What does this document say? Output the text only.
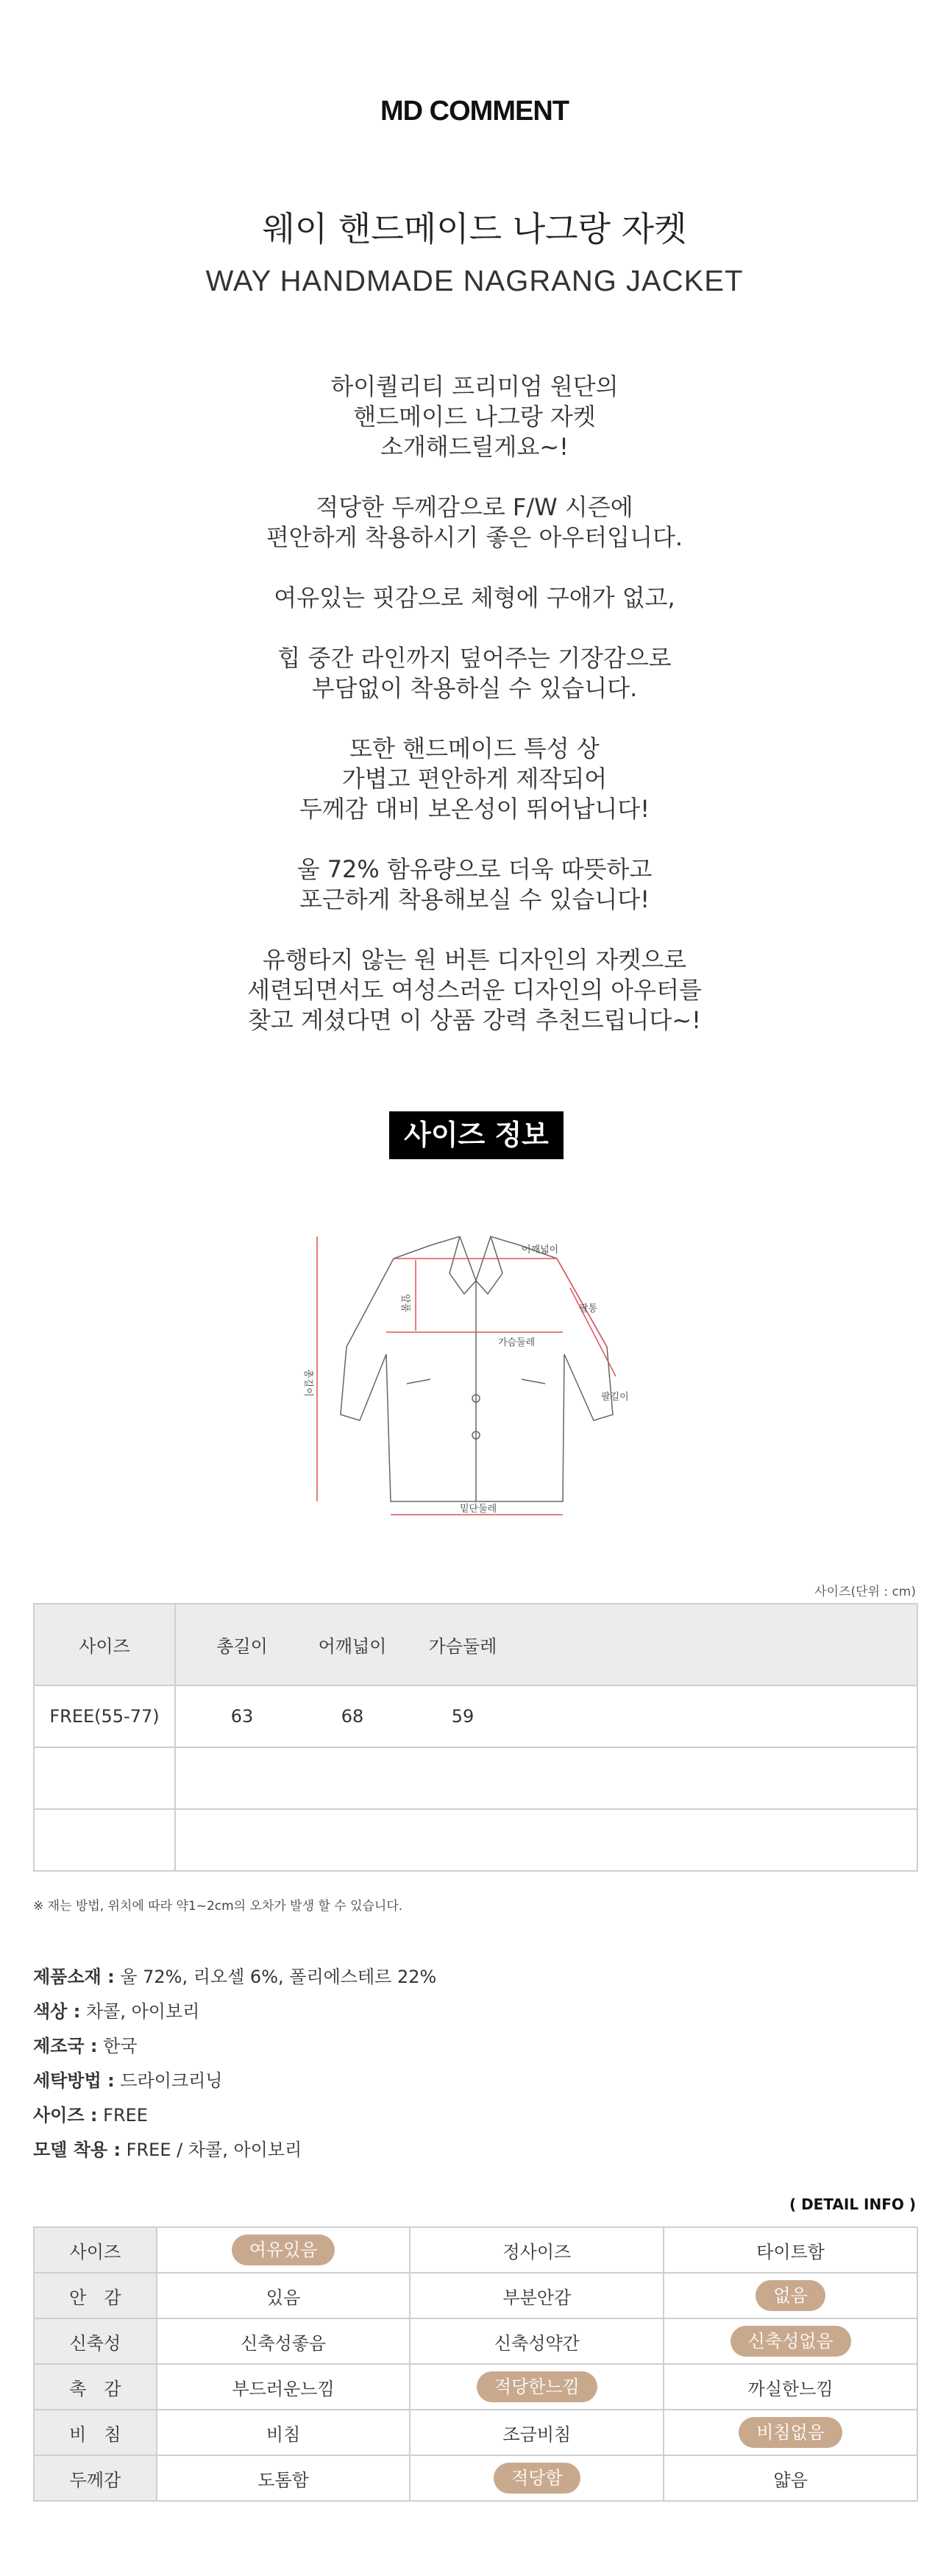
MD COMMENT
웨이 핸드메이드 나그랑 자켓
WAY HANDMADE NAGRANG JACKET

하이퀄리티 프리미엄 원단의
핸드메이드 나그랑 자켓
소개해드릴게요~!

적당한 두께감으로 F/W 시즌에
편안하게 착용하시기 좋은 아우터입니다.

여유있는 핏감으로 체형에 구애가 없고,

힙 중간 라인까지 덮어주는 기장감으로
부담없이 착용하실 수 있습니다.

또한 핸드메이드 특성 상
가볍고 편안하게 제작되어
두께감 대비 보온성이 뛰어납니다!

울 72% 함유량으로 더욱 따뜻하고
포근하게 착용해보실 수 있습니다!

유행타지 않는 원 버튼 디자인의 자켓으로
세련되면서도 여성스러운 디자인의 아우터를
찾고 계셨다면 이 상품 강력 추천드립니다~!

사이즈 정보
어깨넓이
팔통
총길이
앞품
가슴둘레
팔길이
밑단둘레
사이즈(단위 : cm)
사이즈	총길이 어깨넓이 가슴둘레

FREE(55-77)	63 68 59

※ 재는 방법, 위치에 따라 약1~2cm의 오차가 발생 할 수 있습니다.
제품소재 : 울 72%, 리오셀 6%, 폴리에스테르 22%
색상 : 차콜, 아이보리
제조국 : 한국
세탁방법 : 드라이크리닝
사이즈 : FREE
모델 착용 : FREE / 차콜, 아이보리
( DETAIL INFO )
사이즈	여유있음	정사이즈	타이트함
안　감	있음	부분안감	없음
신축성	신축성좋음	신축성약간	신축성없음
촉　감	부드러운느낌	적당한느낌	까실한느낌
비　침	비침	조금비침	비침없음
두께감	도톰함	적당함	얇음
